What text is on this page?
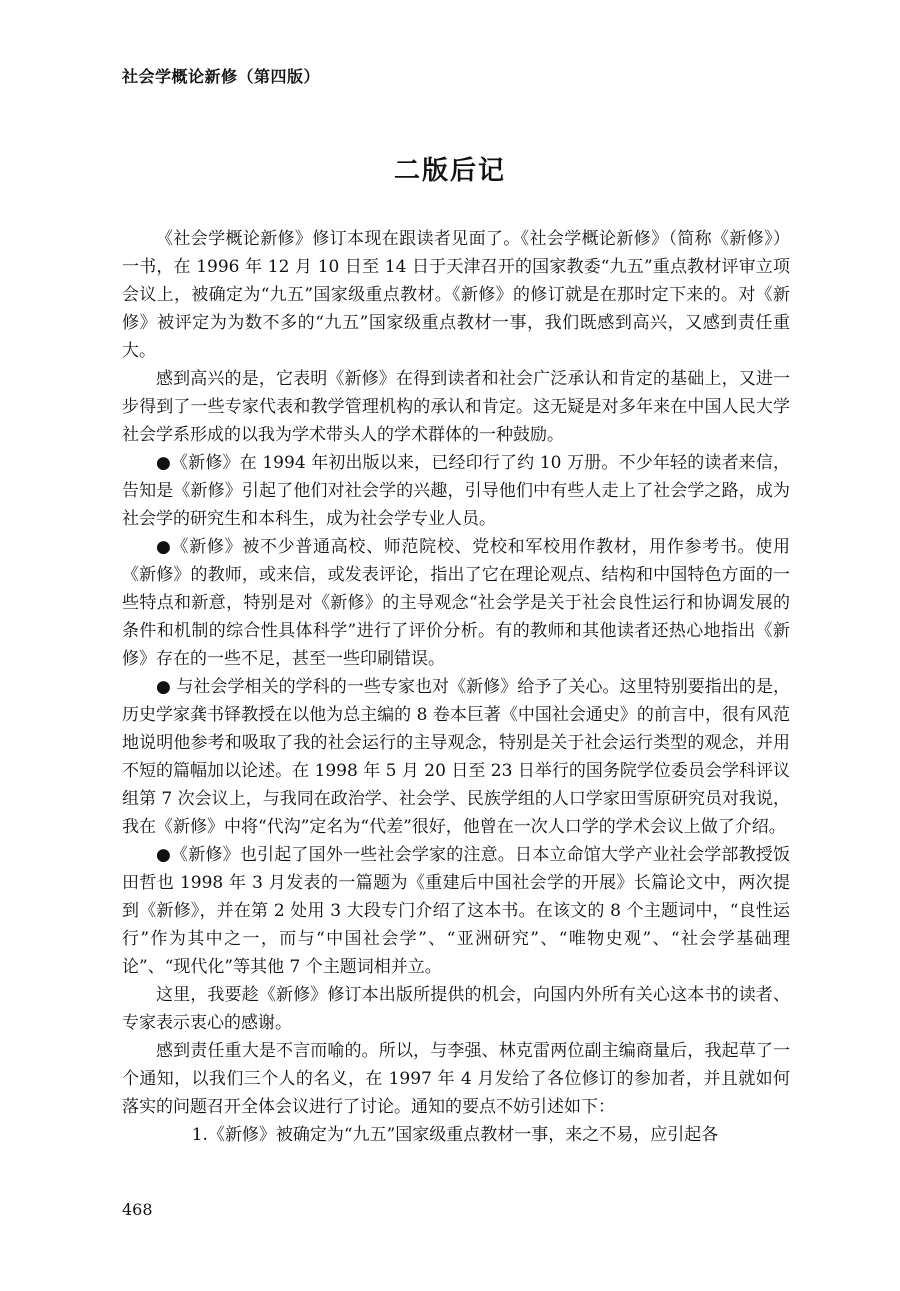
社会学概论新修（第四版）
二版后记

《社会学概论新修》修订本现在跟读者见面了。《社会学概论新修》（简称《新修》）一书，在 1996 年 12 月 10 日至 14 日于天津召开的国家教委“九五”重点教材评审立项会议上，被确定为“九五”国家级重点教材。《新修》的修订就是在那时定下来的。对《新修》被评定为为数不多的“九五”国家级重点教材一事，我们既感到高兴，又感到责任重大。

感到高兴的是，它表明《新修》在得到读者和社会广泛承认和肯定的基础上，又进一步得到了一些专家代表和教学管理机构的承认和肯定。这无疑是对多年来在中国人民大学社会学系形成的以我为学术带头人的学术群体的一种鼓励。

●《新修》在 1994 年初出版以来，已经印行了约 10 万册。不少年轻的读者来信，告知是《新修》引起了他们对社会学的兴趣，引导他们中有些人走上了社会学之路，成为社会学的研究生和本科生，成为社会学专业人员。

●《新修》被不少普通高校、师范院校、党校和军校用作教材，用作参考书。使用《新修》的教师，或来信，或发表评论，指出了它在理论观点、结构和中国特色方面的一些特点和新意，特别是对《新修》的主导观念“社会学是关于社会良性运行和协调发展的条件和机制的综合性具体科学”进行了评价分析。有的教师和其他读者还热心地指出《新修》存在的一些不足，甚至一些印刷错误。

● 与社会学相关的学科的一些专家也对《新修》给予了关心。这里特别要指出的是，历史学家龚书铎教授在以他为总主编的 8 卷本巨著《中国社会通史》的前言中，很有风范地说明他参考和吸取了我的社会运行的主导观念，特别是关于社会运行类型的观念，并用不短的篇幅加以论述。在 1998 年 5 月 20 日至 23 日举行的国务院学位委员会学科评议组第 7 次会议上，与我同在政治学、社会学、民族学组的人口学家田雪原研究员对我说，我在《新修》中将“代沟”定名为“代差”很好，他曾在一次人口学的学术会议上做了介绍。

●《新修》也引起了国外一些社会学家的注意。日本立命馆大学产业社会学部教授饭田哲也 1998 年 3 月发表的一篇题为《重建后中国社会学的开展》长篇论文中，两次提到《新修》，并在第 2 处用 3 大段专门介绍了这本书。在该文的 8 个主题词中，“良性运行”作为其中之一，而与“中国社会学”、“亚洲研究”、“唯物史观”、“社会学基础理论”、“现代化”等其他 7 个主题词相并立。

这里，我要趁《新修》修订本出版所提供的机会，向国内外所有关心这本书的读者、专家表示衷心的感谢。

感到责任重大是不言而喻的。所以，与李强、林克雷两位副主编商量后，我起草了一个通知，以我们三个人的名义，在 1997 年 4 月发给了各位修订的参加者，并且就如何落实的问题召开全体会议进行了讨论。通知的要点不妨引述如下：

1.《新修》被确定为“九五”国家级重点教材一事，来之不易，应引起各

468
